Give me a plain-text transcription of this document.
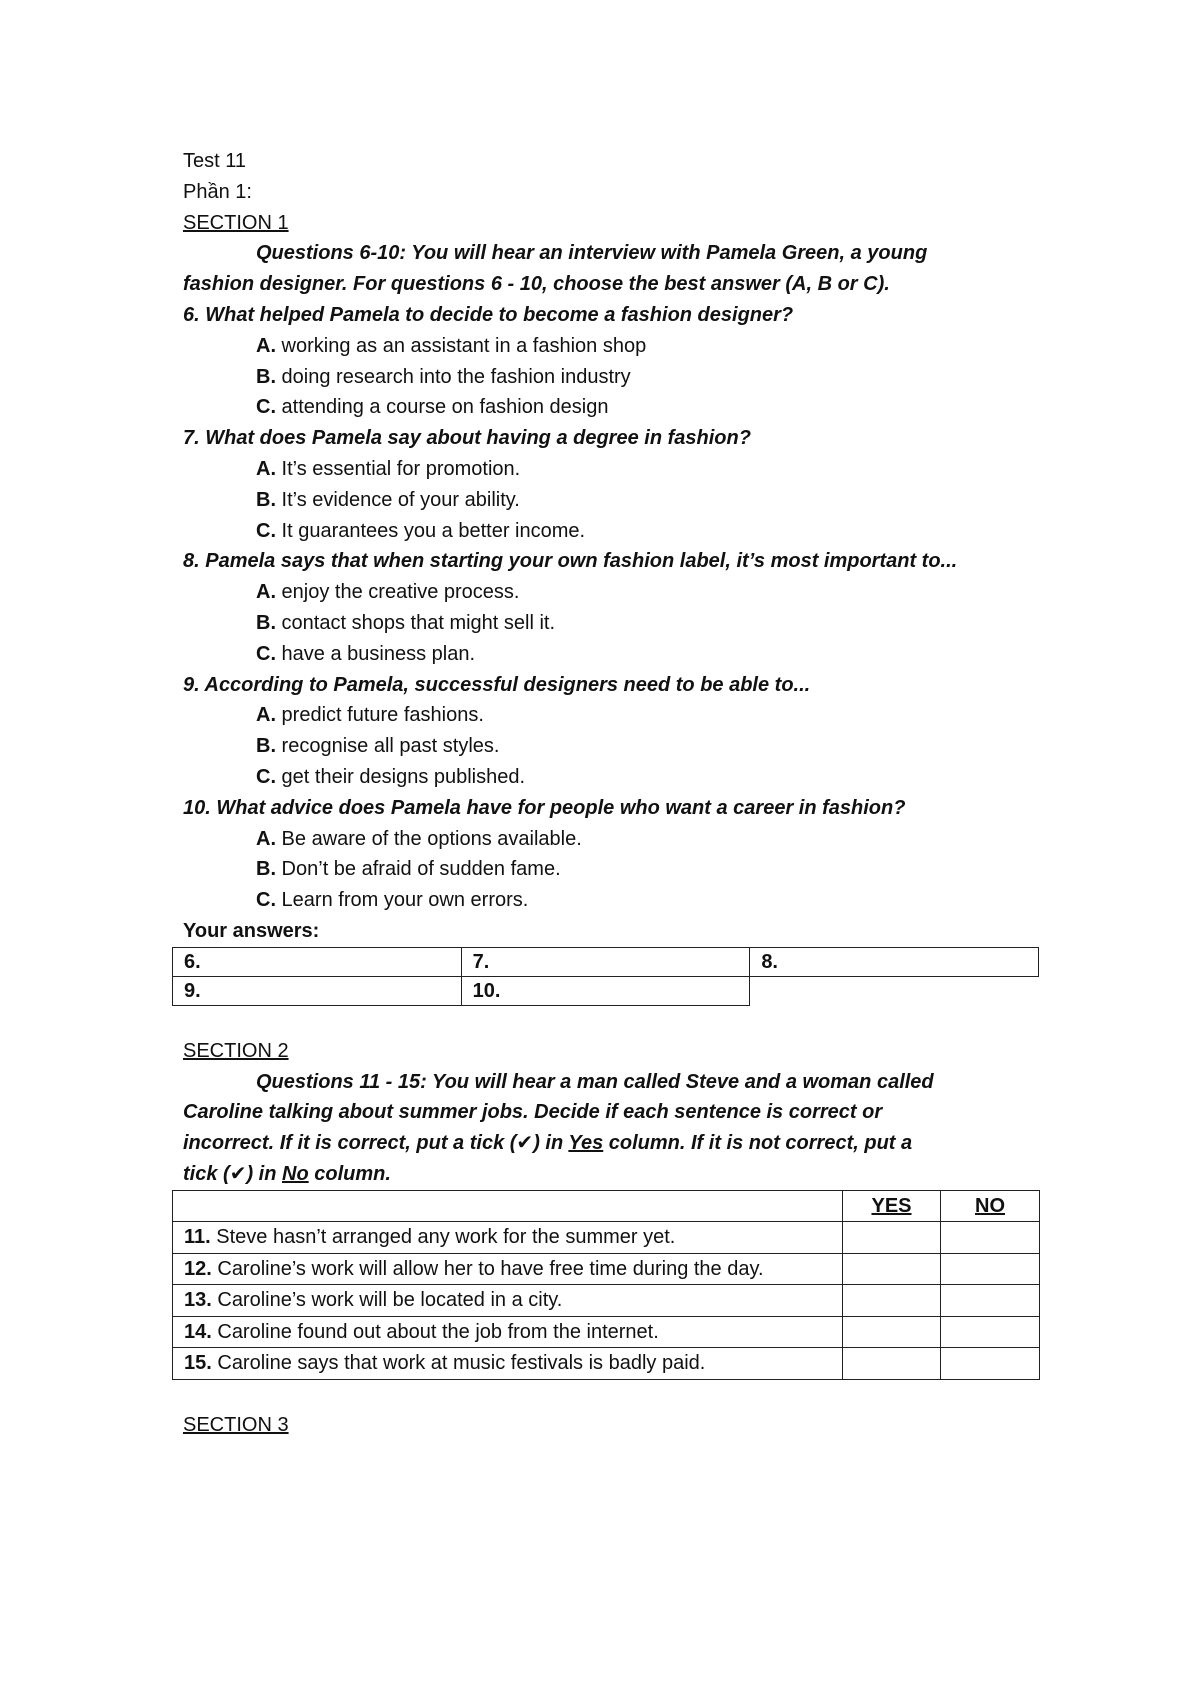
Test 11
Phần 1:
SECTION 1
Questions 6-10: You will hear an interview with Pamela Green, a young
fashion designer. For questions 6 - 10, choose the best answer (A, B or C).
6. What helped Pamela to decide to become a fashion designer?
A. working as an assistant in a fashion shop
B. doing research into the fashion industry
C. attending a course on fashion design
7. What does Pamela say about having a degree in fashion?
A. It’s essential for promotion.
B. It’s evidence of your ability.
C. It guarantees you a better income.
8. Pamela says that when starting your own fashion label, it’s most important to...
A. enjoy the creative process.
B. contact shops that might sell it.
C. have a business plan.
9. According to Pamela, successful designers need to be able to...
A. predict future fashions.
B. recognise all past styles.
C. get their designs published.
10. What advice does Pamela have for people who want a career in fashion?
A. Be aware of the options available.
B. Don’t be afraid of sudden fame.
C. Learn from your own errors.
Your answers:
6.	7.	8.
9.	10.	
SECTION 2
Questions 11 - 15: You will hear a man called Steve and a woman called
Caroline talking about summer jobs. Decide if each sentence is correct or
incorrect. If it is correct, put a tick (✔) in Yes column. If it is not correct, put a
tick (✔) in No column.
	YES	NO
11. Steve hasn’t arranged any work for the summer yet.		
12. Caroline’s work will allow her to have free time during the day.		
13. Caroline’s work will be located in a city.		
14. Caroline found out about the job from the internet.		
15. Caroline says that work at music festivals is badly paid.		
SECTION 3
